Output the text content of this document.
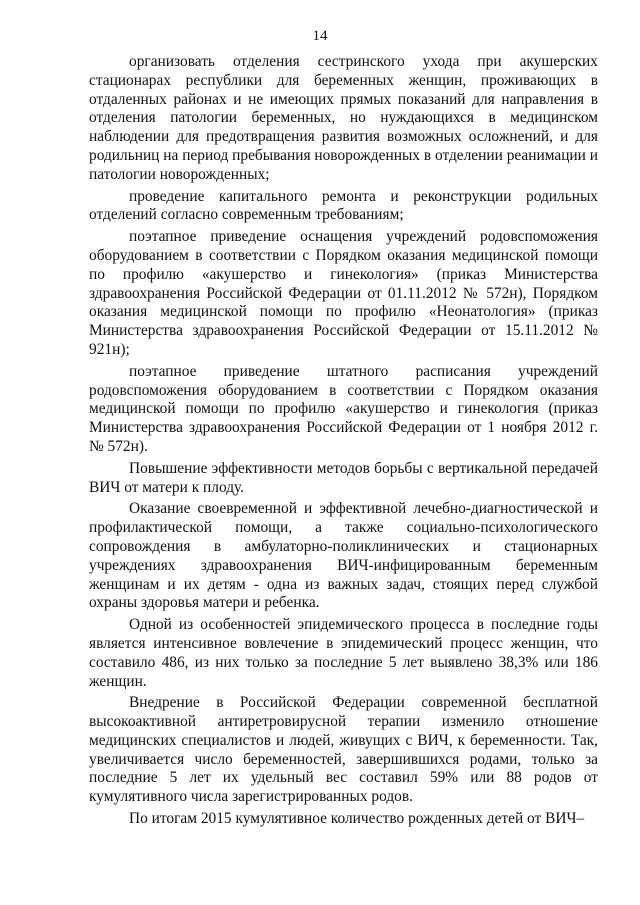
14

организовать отделения сестринского ухода при акушерских стационарах республики для беременных женщин, проживающих в отдаленных районах и не имеющих прямых показаний для направления в отделения патологии беременных, но нуждающихся в медицинском наблюдении для предотвращения развития возможных осложнений, и для родильниц на период пребывания новорожденных в отделении реанимации и патологии новорожденных;

проведение капитального ремонта и реконструкции родильных отделений согласно современным требованиям;

поэтапное приведение оснащения учреждений родовспоможения оборудованием в соответствии с Порядком оказания медицинской помощи по профилю «акушерство и гинекология» (приказ Министерства здравоохранения Российской Федерации от 01.11.2012 № 572н), Порядком оказания медицинской помощи по профилю «Неонатология» (приказ Министерства здравоохранения Российской Федерации от 15.11.2012 № 921н);

поэтапное приведение штатного расписания учреждений родовспоможения оборудованием в соответствии с Порядком оказания медицинской помощи по профилю «акушерство и гинекология (приказ Министерства здравоохранения Российской Федерации от 1 ноября 2012 г. № 572н).

Повышение эффективности методов борьбы с вертикальной передачей ВИЧ от матери к плоду.

Оказание своевременной и эффективной лечебно-диагностической и профилактической помощи, а также социально-психологического сопровождения в амбулаторно-поликлинических и стационарных учреждениях здравоохранения ВИЧ-инфицированным беременным женщинам и их детям - одна из важных задач, стоящих перед службой охраны здоровья матери и ребенка.

Одной из особенностей эпидемического процесса в последние годы является интенсивное вовлечение в эпидемический процесс женщин, что составило 486, из них только за последние 5 лет выявлено 38,3% или 186 женщин.

Внедрение в Российской Федерации современной бесплатной высокоактивной антиретровирусной терапии изменило отношение медицинских специалистов и людей, живущих с ВИЧ, к беременности. Так, увеличивается число беременностей, завершившихся родами, только за последние 5 лет их удельный вес составил 59% или 88 родов от кумулятивного числа зарегистрированных родов.

По итогам 2015 кумулятивное количество рожденных детей от ВИЧ–
